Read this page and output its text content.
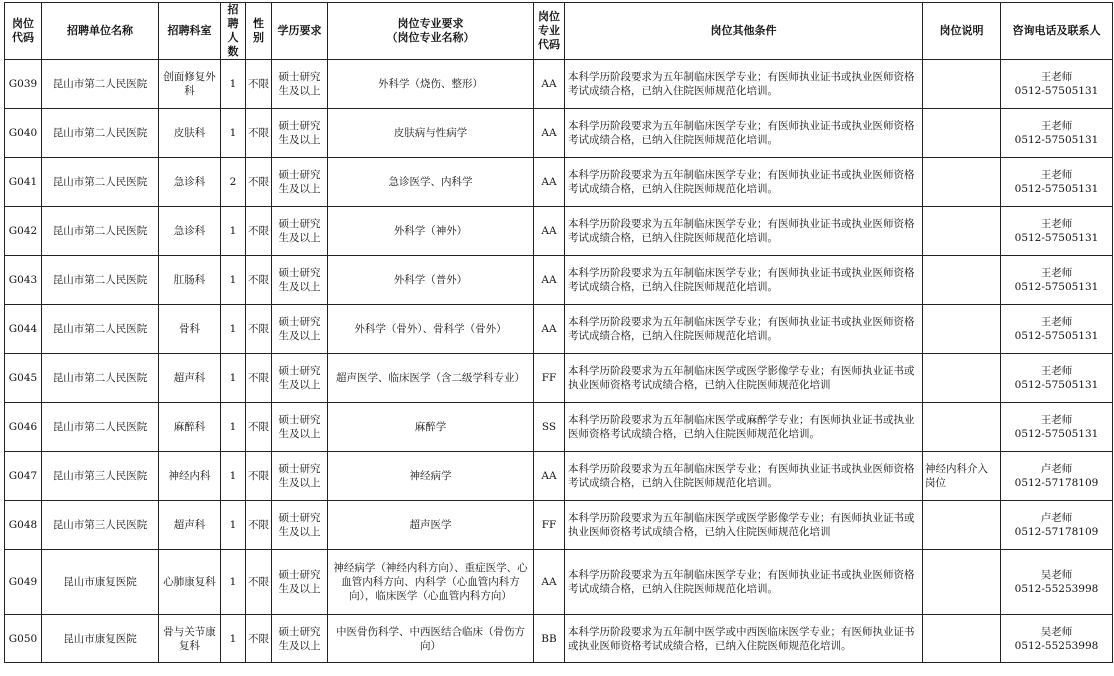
岗位代码	招聘单位名称	招聘科室	招聘人数	性别	学历要求	岗位专业要求
（岗位专业名称）	岗位专业代码	岗位其他条件	岗位说明	咨询电话及联系人
G039	昆山市第二人民医院	创面修复外科	1	不限	硕士研究生及以上	外科学（烧伤、整形）	AA	本科学历阶段要求为五年制临床医学专业；有医师执业证书或执业医师资格考试成绩合格，已纳入住院医师规范化培训。		王老师
0512-57505131

G040	昆山市第二人民医院	皮肤科	1	不限	硕士研究生及以上	皮肤病与性病学	AA	本科学历阶段要求为五年制临床医学专业；有医师执业证书或执业医师资格考试成绩合格，已纳入住院医师规范化培训。		王老师
0512-57505131

G041	昆山市第二人民医院	急诊科	2	不限	硕士研究生及以上	急诊医学、内科学	AA	本科学历阶段要求为五年制临床医学专业；有医师执业证书或执业医师资格考试成绩合格，已纳入住院医师规范化培训。		王老师
0512-57505131

G042	昆山市第二人民医院	急诊科	1	不限	硕士研究生及以上	外科学（神外）	AA	本科学历阶段要求为五年制临床医学专业；有医师执业证书或执业医师资格考试成绩合格，已纳入住院医师规范化培训。		王老师
0512-57505131

G043	昆山市第二人民医院	肛肠科	1	不限	硕士研究生及以上	外科学（普外）	AA	本科学历阶段要求为五年制临床医学专业；有医师执业证书或执业医师资格考试成绩合格，已纳入住院医师规范化培训。		王老师
0512-57505131

G044	昆山市第二人民医院	骨科	1	不限	硕士研究生及以上	外科学（骨外）、骨科学（骨外）	AA	本科学历阶段要求为五年制临床医学专业；有医师执业证书或执业医师资格考试成绩合格，已纳入住院医师规范化培训。		王老师
0512-57505131

G045	昆山市第二人民医院	超声科	1	不限	硕士研究生及以上	超声医学、临床医学（含二级学科专业）	FF	本科学历阶段要求为五年制临床医学或医学影像学专业；有医师执业证书或执业医师资格考试成绩合格，已纳入住院医师规范化培训		王老师
0512-57505131

G046	昆山市第二人民医院	麻醉科	1	不限	硕士研究生及以上	麻醉学	SS	本科学历阶段要求为五年制临床医学或麻醉学专业；有医师执业证书或执业医师资格考试成绩合格，已纳入住院医师规范化培训。		王老师
0512-57505131

G047	昆山市第三人民医院	神经内科	1	不限	硕士研究生及以上	神经病学	AA	本科学历阶段要求为五年制临床医学专业；有医师执业证书或执业医师资格考试成绩合格，已纳入住院医师规范化培训。	神经内科介入岗位	卢老师
0512-57178109

G048	昆山市第三人民医院	超声科	1	不限	硕士研究生及以上	超声医学	FF	本科学历阶段要求为五年制临床医学或医学影像学专业；有医师执业证书或执业医师资格考试成绩合格，已纳入住院医师规范化培训		卢老师
0512-57178109

G049	昆山市康复医院	心肺康复科	1	不限	硕士研究生及以上	神经病学（神经内科方向）、重症医学、心血管内科方向、内科学（心血管内科方向），临床医学（心血管内科方向）	AA	本科学历阶段要求为五年制临床医学专业；有医师执业证书或执业医师资格考试成绩合格，已纳入住院医师规范化培训。		吴老师
0512-55253998

G050	昆山市康复医院	骨与关节康复科	1	不限	硕士研究生及以上	中医骨伤科学、中西医结合临床（骨伤方向）	BB	本科学历阶段要求为五年制中医学或中西医临床医学专业；有医师执业证书或执业医师资格考试成绩合格，已纳入住院医师规范化培训。		吴老师
0512-55253998
